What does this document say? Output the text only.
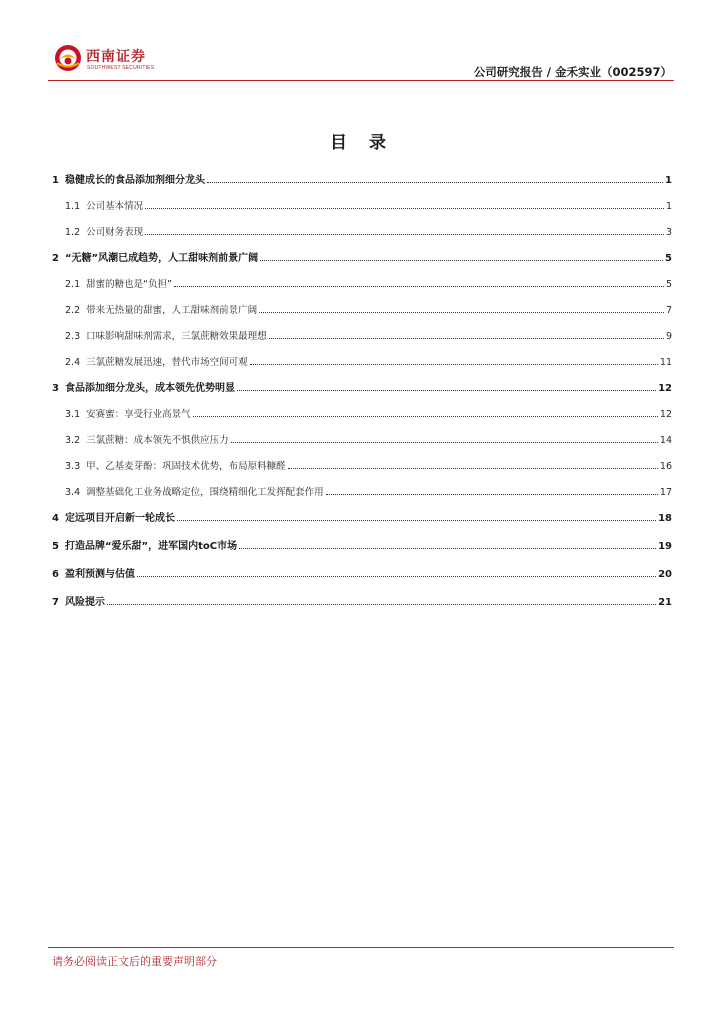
西南证券
SOUTHWEST SECURITIES	公司研究报告 / 金禾实业（002597）
目 录
1 稳健成长的食品添加剂细分龙头	1
1.1 公司基本情况	1
1.2 公司财务表现	3
2 “无糖”风潮已成趋势，人工甜味剂前景广阔	5
2.1 甜蜜的糖也是“负担”	5
2.2 带来无热量的甜蜜，人工甜味剂前景广阔	7
2.3 口味影响甜味剂需求，三氯蔗糖效果最理想	9
2.4 三氯蔗糖发展迅速，替代市场空间可观	11
3 食品添加细分龙头，成本领先优势明显	12
3.1 安赛蜜：享受行业高景气	12
3.2 三氯蔗糖：成本领先不惧供应压力	14
3.3 甲、乙基麦芽酚：巩固技术优势，布局原料糠醛	16
3.4 调整基础化工业务战略定位，围绕精细化工发挥配套作用	17
4 定远项目开启新一轮成长	18
5 打造品牌“爱乐甜”，进军国内toC市场	19
6 盈利预测与估值	20
7 风险提示	21
请务必阅读正文后的重要声明部分
